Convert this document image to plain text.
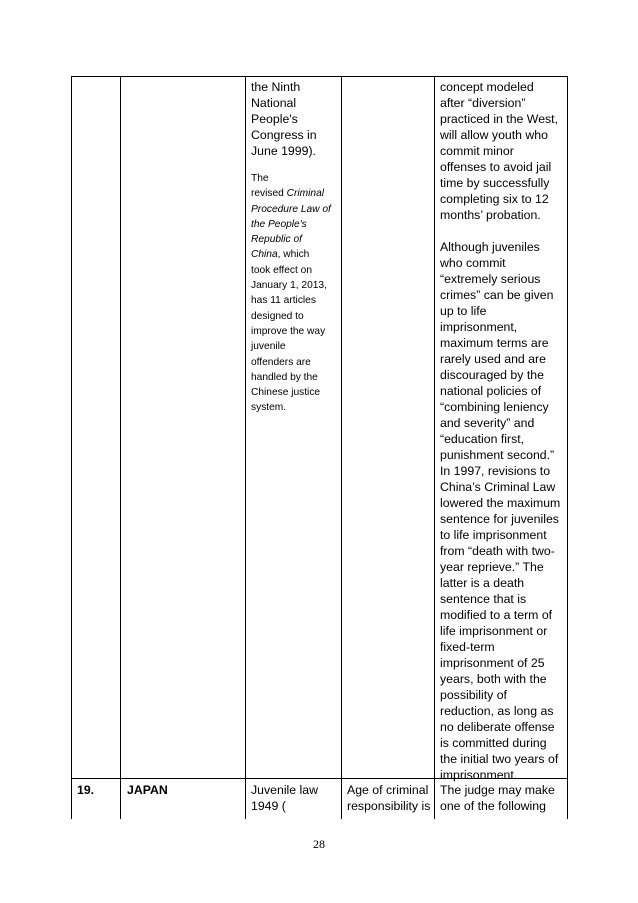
the Ninth
National
People's
Congress in
June 1999).
The
revised Criminal
Procedure Law of
the People's
Republic of
China, which
took effect on
January 1, 2013,
has 11 articles
designed to
improve the way
juvenile
offenders are
handled by the
Chinese justice
system.
concept modeled
after “diversion”
practiced in the West,
will allow youth who
commit minor
offenses to avoid jail
time by successfully
completing six to 12
months’ probation.
Although juveniles
who commit
“extremely serious
crimes” can be given
up to life
imprisonment,
maximum terms are
rarely used and are
discouraged by the
national policies of
“combining leniency
and severity” and
“education first,
punishment second.”
In 1997, revisions to
China’s Criminal Law
lowered the maximum
sentence for juveniles
to life imprisonment
from “death with two-
year reprieve.” The
latter is a death
sentence that is
modified to a term of
life imprisonment or
fixed-term
imprisonment of 25
years, both with the
possibility of
reduction, as long as
no deliberate offense
is committed during
the initial two years of
imprisonment.
19.	JAPAN	Juvenile law
1949 (
Age of criminal
responsibility is
The judge may make
one of the following
28
